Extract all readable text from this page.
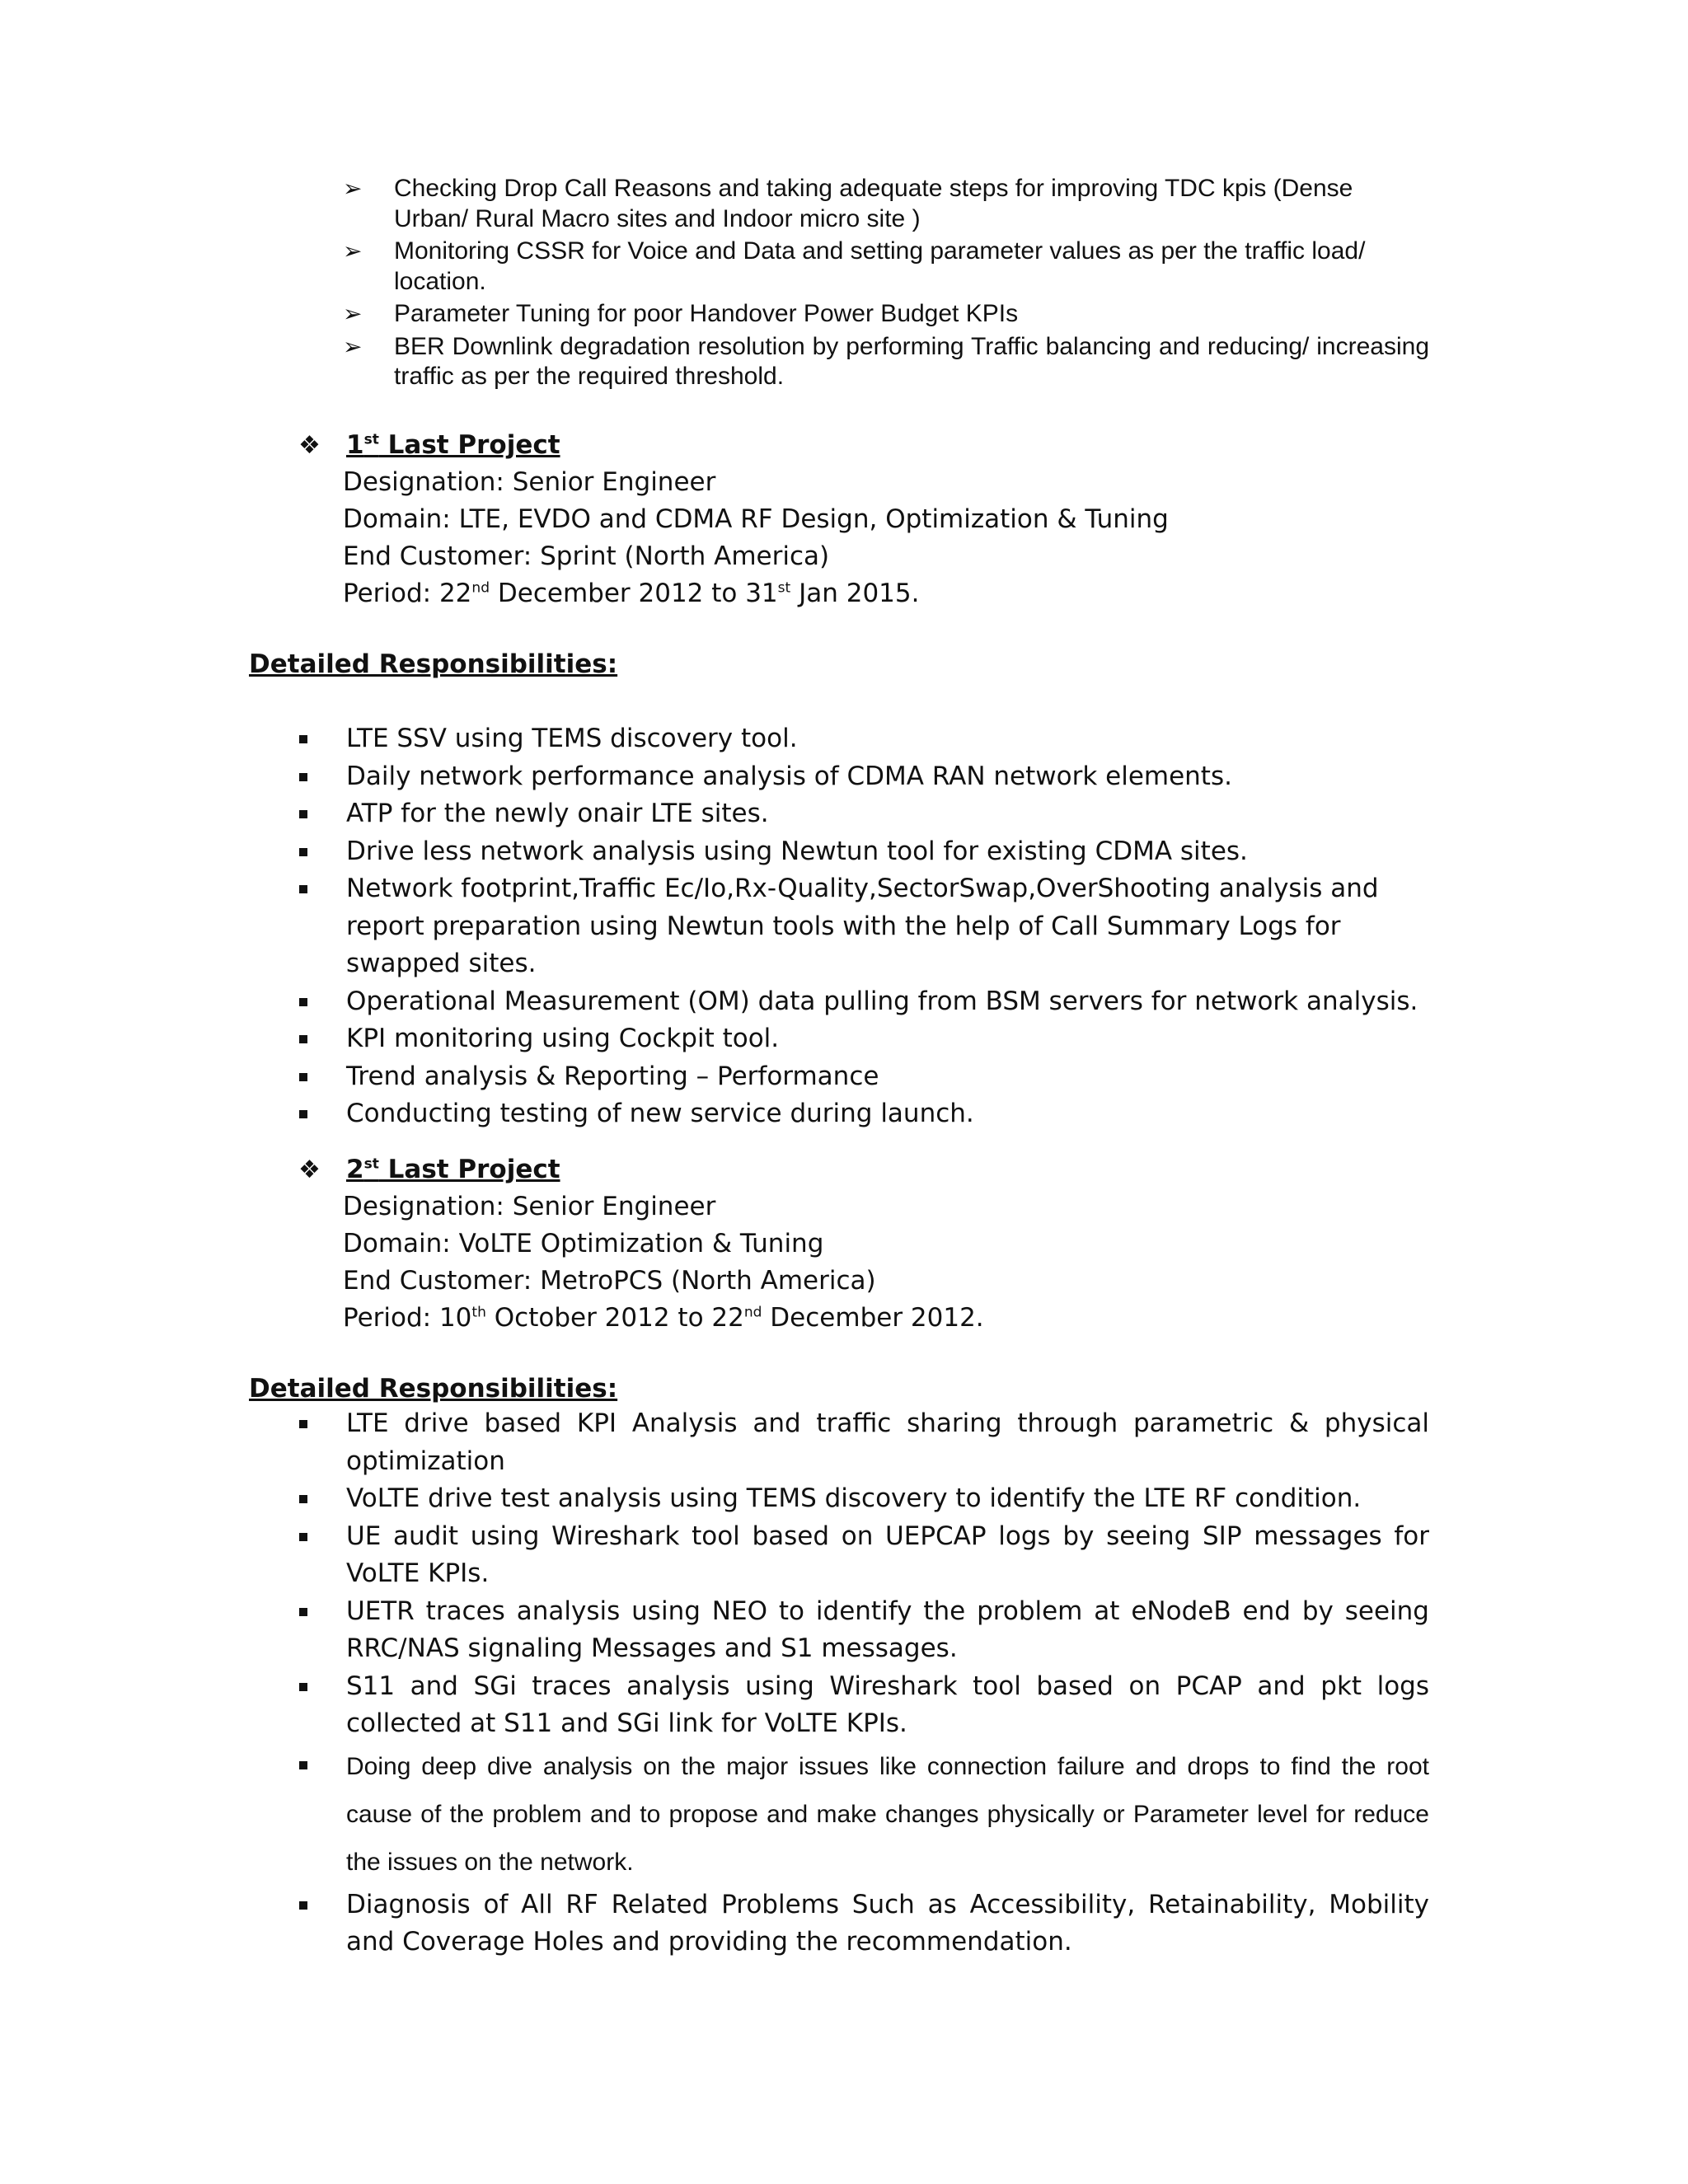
➢ Checking Drop Call Reasons and taking adequate steps for improving TDC kpis (Dense Urban/ Rural Macro sites and Indoor micro site )
➢ Monitoring CSSR for Voice and Data and setting parameter values as per the traffic load/ location.
➢ Parameter Tuning for poor Handover Power Budget KPIs
➢ BER Downlink degradation resolution by performing Traffic balancing and reducing/ increasing traffic as per the required threshold.
❖ 1st Last Project
Designation: Senior Engineer
Domain: LTE, EVDO and CDMA RF Design, Optimization & Tuning
End Customer: Sprint (North America)
Period: 22nd December 2012 to 31st Jan 2015.
Detailed Responsibilities:
LTE SSV using TEMS discovery tool.
Daily network performance analysis of CDMA RAN network elements.
ATP for the newly onair LTE sites.
Drive less network analysis using Newtun tool for existing CDMA sites.
Network footprint,Traffic Ec/Io,Rx-Quality,SectorSwap,OverShooting analysis and report preparation using Newtun tools with the help of Call Summary Logs for swapped sites.
Operational Measurement (OM) data pulling from BSM servers for network analysis.
KPI monitoring using Cockpit tool.
Trend analysis & Reporting – Performance
Conducting testing of new service during launch.
❖ 2st Last Project
Designation: Senior Engineer
Domain: VoLTE Optimization & Tuning
End Customer: MetroPCS (North America)
Period: 10th October 2012 to 22nd December 2012.
Detailed Responsibilities:
LTE drive based KPI Analysis and traffic sharing through parametric & physical optimization
VoLTE drive test analysis using TEMS discovery to identify the LTE RF condition.
UE audit using Wireshark tool based on UEPCAP logs by seeing SIP messages for VoLTE KPIs.
UETR traces analysis using NEO to identify the problem at eNodeB end by seeing RRC/NAS signaling Messages and S1 messages.
S11 and SGi traces analysis using Wireshark tool based on PCAP and pkt logs collected at S11 and SGi link for VoLTE KPIs.
Doing deep dive analysis on the major issues like connection failure and drops to find the root cause of the problem and to propose and make changes physically or Parameter level for reduce the issues on the network.
Diagnosis of All RF Related Problems Such as Accessibility, Retainability, Mobility and Coverage Holes and providing the recommendation.
